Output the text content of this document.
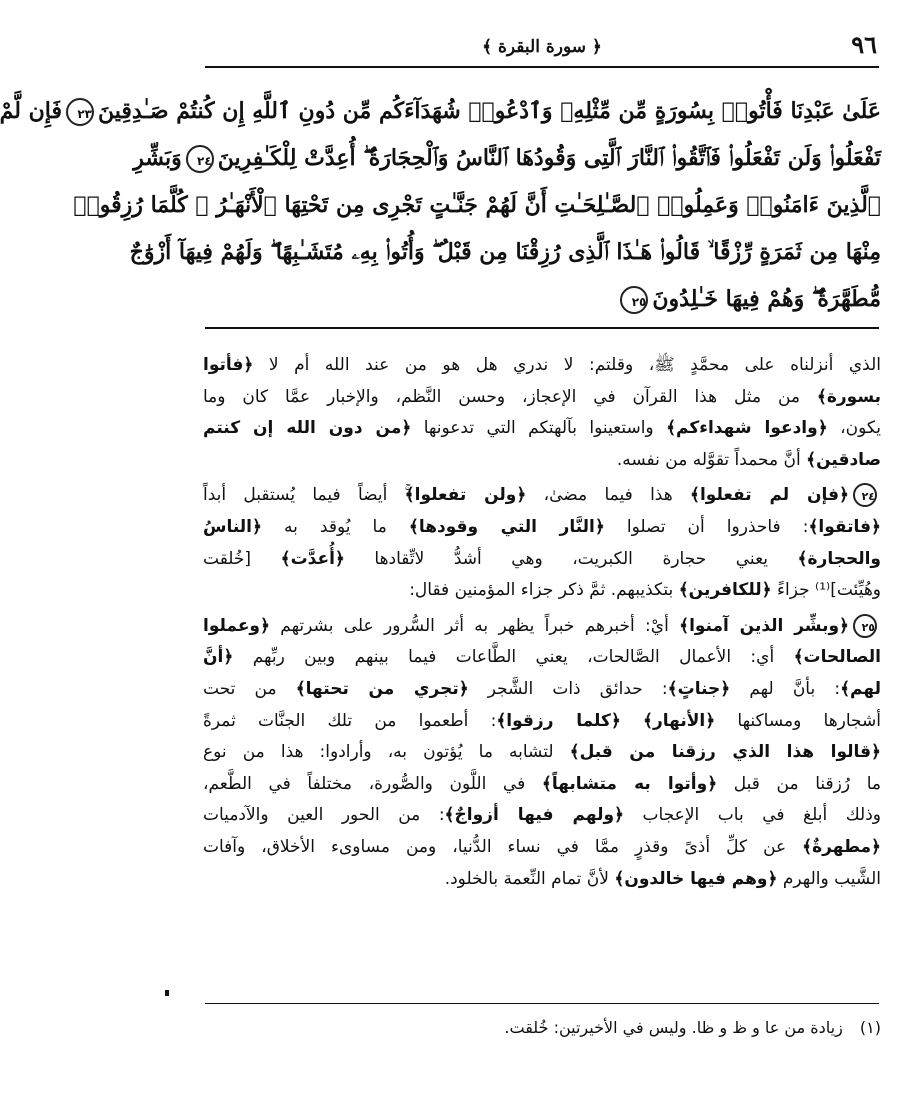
٩٦
﴿ سورة البقرة ﴾
عَلَىٰ عَبْدِنَا فَأْتُوا۟ بِسُورَةٍ مِّن مِّثْلِهِۦ وَٱدْعُوا۟ شُهَدَآءَكُم مِّن دُونِ ٱللَّهِ إِن كُنتُمْ صَـٰدِقِينَ٢٣فَإِن لَّمْ
تَفْعَلُوا۟ وَلَن تَفْعَلُوا۟ فَٱتَّقُوا۟ ٱلنَّارَ ٱلَّتِى وَقُودُهَا ٱلنَّاسُ وَٱلْحِجَارَةُ ۖ أُعِدَّتْ لِلْكَـٰفِرِينَ٢٤وَبَشِّرِ
ٱلَّذِينَ ءَامَنُوا۟ وَعَمِلُوا۟ ٱلصَّـٰلِحَـٰتِ أَنَّ لَهُمْ جَنَّـٰتٍ تَجْرِى مِن تَحْتِهَا ٱلْأَنْهَـٰرُ ۖ كُلَّمَا رُزِقُوا۟
مِنْهَا مِن ثَمَرَةٍ رِّزْقًا ۙ قَالُوا۟ هَـٰذَا ٱلَّذِى رُزِقْنَا مِن قَبْلُ ۖ وَأُتُوا۟ بِهِۦ مُتَشَـٰبِهًا ۖ وَلَهُمْ فِيهَآ أَزْوَٰجٌ
مُّطَهَّرَةٌ ۖ وَهُمْ فِيهَا خَـٰلِدُونَ٢٥
الذي أنزلناه على محمَّدٍ ﷺ، وقلتم: لا ندري هل هو من عند الله أم لا ﴿فأتوا
بسورة﴾ من مثل هذا القرآن في الإعجاز، وحسن النَّظم، والإخبار عمَّا كان وما
يكون، ﴿وادعوا شهداءكم﴾ واستعينوا بآلهتكم التي تدعونها ﴿من دون الله إن كنتم
صادقين﴾ أنَّ محمداً تقوَّله من نفسه.
٢٤﴿فإن لم تفعلوا﴾ هذا فيما مضىٰ، ﴿ولن تفعلوا﴾ۚ أيضاً فيما يُستقبل أبداً
﴿فاتقوا﴾: فاحذروا أن تصلوا ﴿النَّار التي وقودها﴾ ما يُوقد به ﴿الناسُ
والحجارة﴾ يعني حجارة الكبريت، وهي أشدُّ لاتِّقادها ﴿أُعدَّت﴾ [خُلقت
وهُيِّئت]⁽¹⁾ جزاءً ﴿للكافرين﴾ بتكذيبهم. ثمَّ ذكر جزاء المؤمنين فقال:
٢٥﴿وبشِّر الذين آمنوا﴾ أيْ: أخبرهم خبراً يظهر به أثر السُّرور على بشرتهم ﴿وعملوا
الصالحات﴾ أي: الأعمال الصَّالحات، يعني الطَّاعات فيما بينهم وبين ربِّهم ﴿أنَّ
لهم﴾: بأنَّ لهم ﴿جناتٍ﴾: حدائق ذات الشَّجر ﴿تجري من تحتها﴾ من تحت
أشجارها ومساكنها ﴿الأنهار﴾ ﴿كلما رزقوا﴾: أطعموا من تلك الجنَّات ثمرةً
﴿قالوا هذا الذي رزقنا من قبل﴾ لتشابه ما يُؤتون به، وأرادوا: هذا من نوع
ما رُزقنا من قبل ﴿وأتوا به متشابهاً﴾ في اللَّون والصُّورة، مختلفاً في الطَّعم،
وذلك أبلغ في باب الإعجاب ﴿ولهم فيها أزواجٌ﴾: من الحور العين والآدميات
﴿مطهرةٌ﴾ عن كلِّ أذىً وقذرٍ ممَّا في نساء الدُّنيا، ومن مساوىء الأخلاق، وآفات
الشَّيب والهرم ﴿وهم فيها خالدون﴾ لأنَّ تمام النِّعمة بالخلود.
(١) زيادة من عا و ظ و ظا. وليس في الأخيرتين: خُلقت.
